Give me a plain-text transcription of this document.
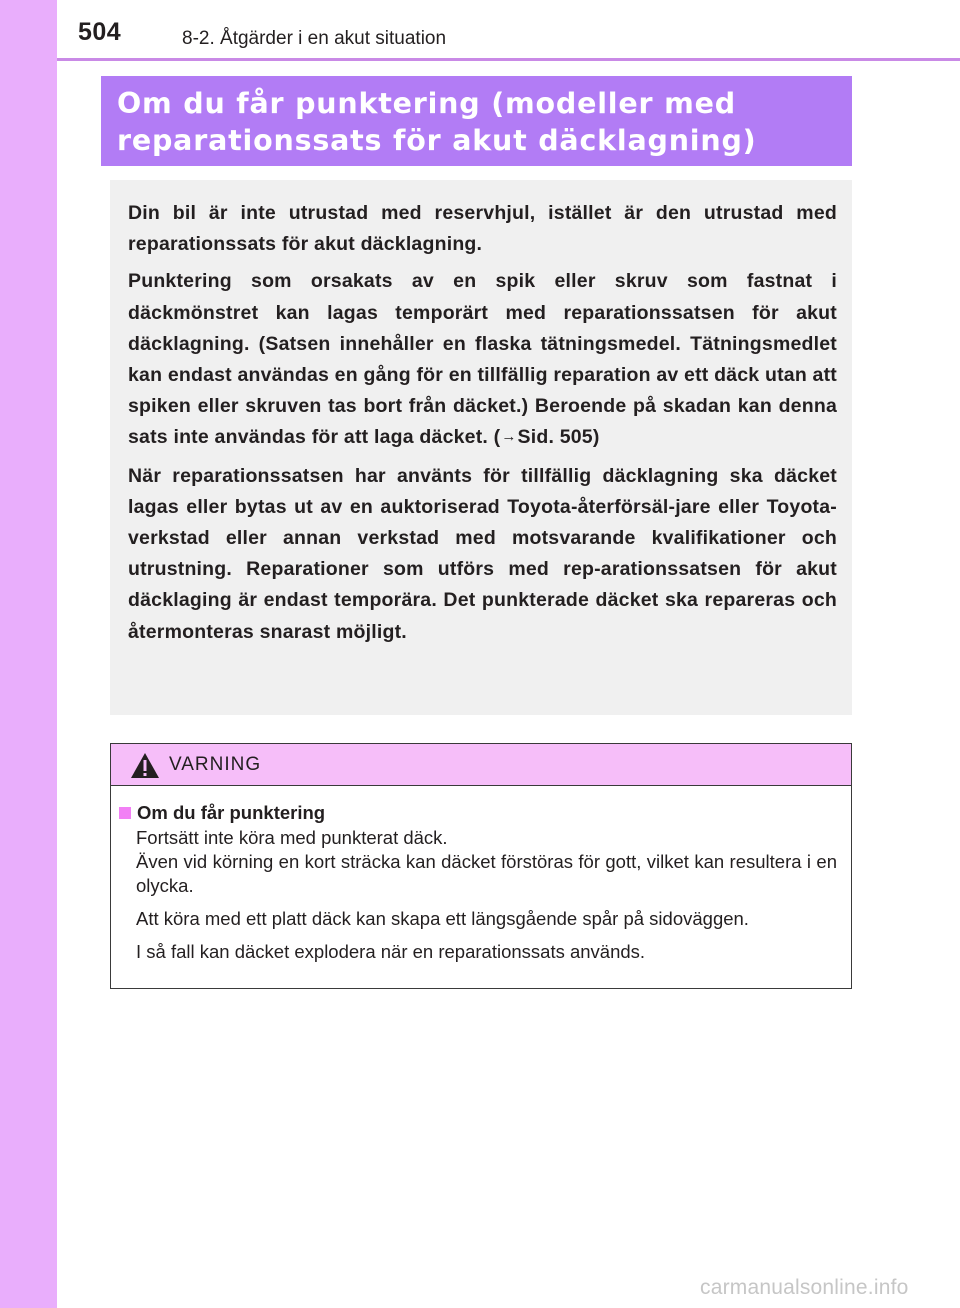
504	8-2. Åtgärder i en akut situation
Om du får punktering (modeller med
reparationssats för akut däcklagning)

Din bil är inte utrustad med reservhjul, istället är den utrustad med reparationssats för akut däcklagning.

Punktering som orsakats av en spik eller skruv som fastnat i däckmönstret kan lagas temporärt med reparationssatsen för akut däcklagning. (Satsen innehåller en flaska tätningsmedel. Tätningsmedlet kan endast användas en gång för en tillfällig reparation av ett däck utan att spiken eller skruven tas bort från däcket.) Beroende på skadan kan denna sats inte användas för att laga däcket. (→Sid. 505)

När reparationssatsen har använts för tillfällig däcklagning ska däcket lagas eller bytas ut av en auktoriserad Toyota-återförsäl-jare eller Toyota-verkstad eller annan verkstad med motsvarande kvalifikationer och utrustning. Reparationer som utförs med rep-arationssatsen för akut däcklaging är endast temporära. Det punkterade däcket ska repareras och återmonteras snarast möjligt.

VARNING
Om du får punktering

Fortsätt inte köra med punkterat däck.

Även vid körning en kort sträcka kan däcket förstöras för gott, vilket kan resultera i en olycka.

Att köra med ett platt däck kan skapa ett längsgående spår på sidoväggen.

I så fall kan däcket explodera när en reparationssats används.

carmanualsonline.info
